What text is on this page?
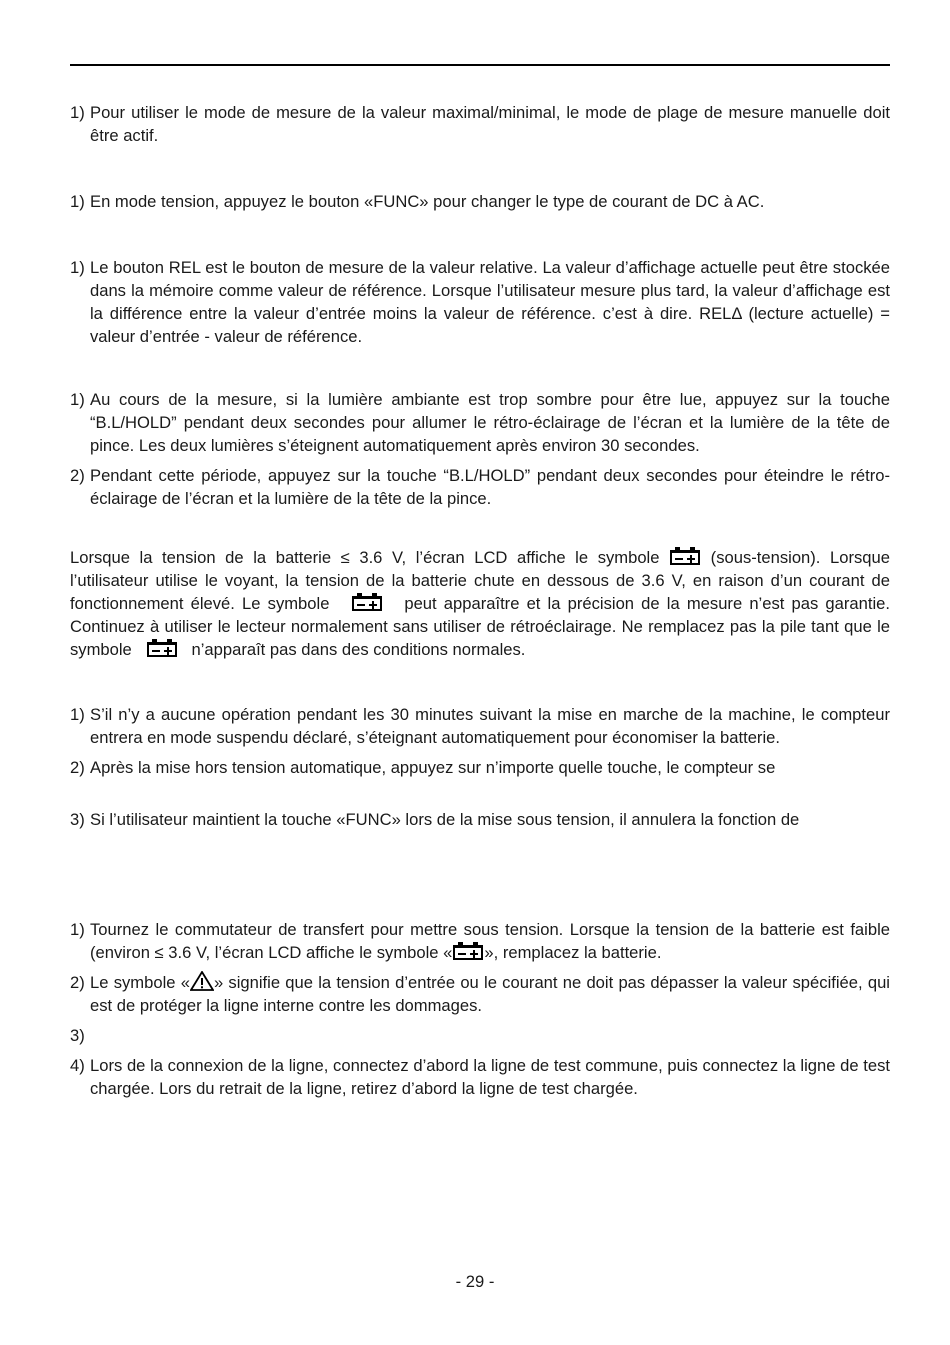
1) Pour utiliser le mode de mesure de la valeur maximal/minimal, le mode de plage de mesure manuelle doit être actif.
1) En mode tension, appuyez le bouton «FUNC» pour changer le type de courant de DC à AC.
1) Le bouton REL est le bouton de mesure de la valeur relative. La valeur d’affichage actuelle peut être stockée dans la mémoire comme valeur de référence. Lorsque l’utilisateur mesure plus tard, la valeur d’affichage est la différence entre la valeur d’entrée moins la valeur de référence. c’est à dire. RELΔ (lecture actuelle) = valeur d’entrée - valeur de référence.
1) Au cours de la mesure, si la lumière ambiante est trop sombre pour être lue, appuyez sur la touche “B.L/HOLD” pendant deux secondes pour allumer le rétro-éclairage de l’écran et la lumière de la tête de pince. Les deux lumières s’éteignent automatiquement après environ 30 secondes.
2) Pendant cette période, appuyez sur la touche “B.L/HOLD” pendant deux secondes pour éteindre le rétro-éclairage de l’écran et la lumière de la tête de la pince.
Lorsque la tension de la batterie ≤ 3.6 V, l’écran LCD affiche le symbole	(sous-tension). Lorsque l’utilisateur utilise le voyant, la tension de la batterie chute en dessous de 3.6 V, en raison d’un courant de fonctionnement élevé. Le symbole	peut apparaître et la précision de la mesure n’est pas garantie. Continuez à utiliser le lecteur normalement sans utiliser de rétroéclairage. Ne remplacez pas la pile tant que le symbole	n’apparaît pas dans des conditions normales.
1) S’il n’y a aucune opération pendant les 30 minutes suivant la mise en marche de la machine, le compteur entrera en mode suspendu déclaré, s’éteignant automatiquement pour économiser la batterie.
2) Après la mise hors tension automatique, appuyez sur n’importe quelle touche, le compteur se
3) Si l’utilisateur maintient la touche «FUNC» lors de la mise sous tension, il annulera la fonction de
1) Tournez le commutateur de transfert pour mettre sous tension. Lorsque la tension de la batterie est faible (environ ≤ 3.6 V, l’écran LCD affiche le symbole « », remplacez la batterie.
2) Le symbole « » signifie que la tension d’entrée ou le courant ne doit pas dépasser la valeur spécifiée, qui est de protéger la ligne interne contre les dommages.
3)
4) Lors de la connexion de la ligne, connectez d’abord la ligne de test commune, puis connectez la ligne de test chargée. Lors du retrait de la ligne, retirez d’abord la ligne de test chargée.
- 29 -
